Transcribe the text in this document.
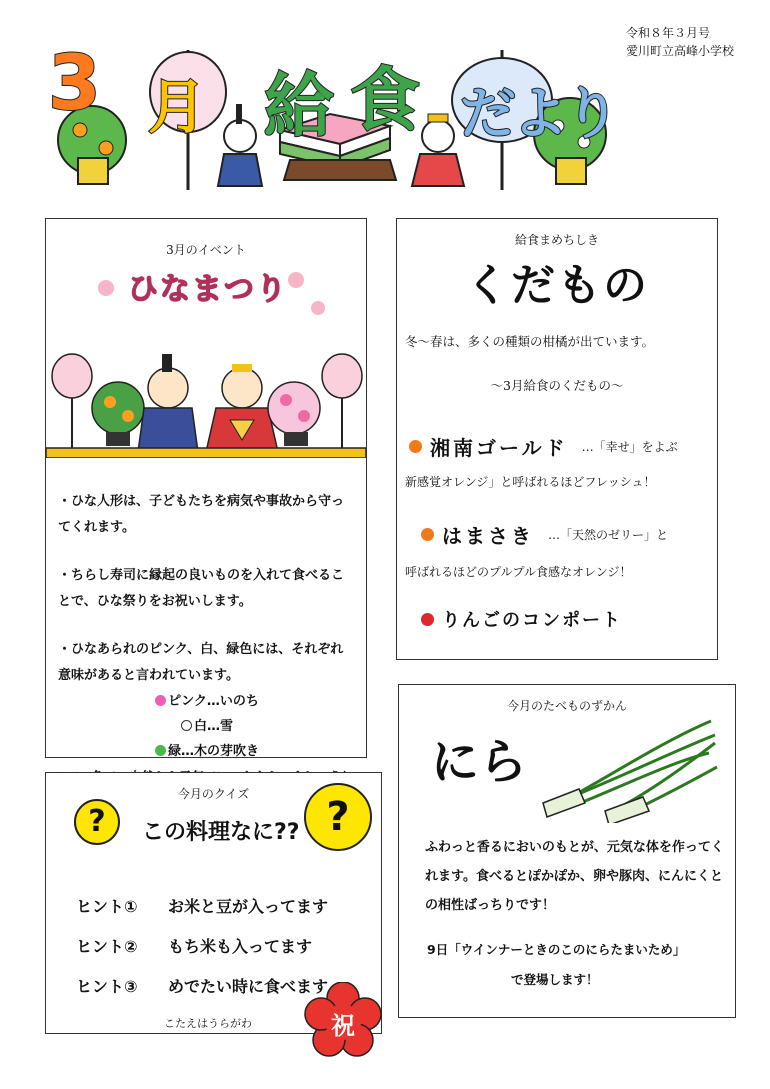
令和８年３月号
愛川町立高峰小学校
3 月 給 食 だより
3月のイベント
ひなまつり

・ひな人形は、子どもたちを病気や事故から守ってくれます。

・ちらし寿司に縁起の良いものを入れて食べることで、ひな祭りをお祝いします。

・ひなあられのピンク、白、緑色には、それぞれ意味があると言われています。

ピンク…いのち
白…雪
緑…木の芽吹き

給食まめちしき
くだもの

冬～春は、多くの種類の柑橘が出ています。

～3月給食のくだもの～

湘南ゴールド …「幸せ」をよぶ

新感覚オレンジ」と呼ばれるほどフレッシュ！

はまさき …「天然のゼリー」と

呼ばれるほどのプルプル食感なオレンジ！

りんごのコンポート
今月のクイズ
?	?
この料理なに??
ヒント①	お米と豆が入ってます
ヒント②	もち米も入ってます
ヒント③	めでたい時に食べます
こたえはうらがわ	祝
今月のたべものずかん
にら

ふわっと香るにおいのもとが、元気な体を作ってくれます。食べるとぽかぽか、卵や豚肉、にんにくとの相性ばっちりです！

9日「ウインナーときのこのにらたまいため」

で登場します！
